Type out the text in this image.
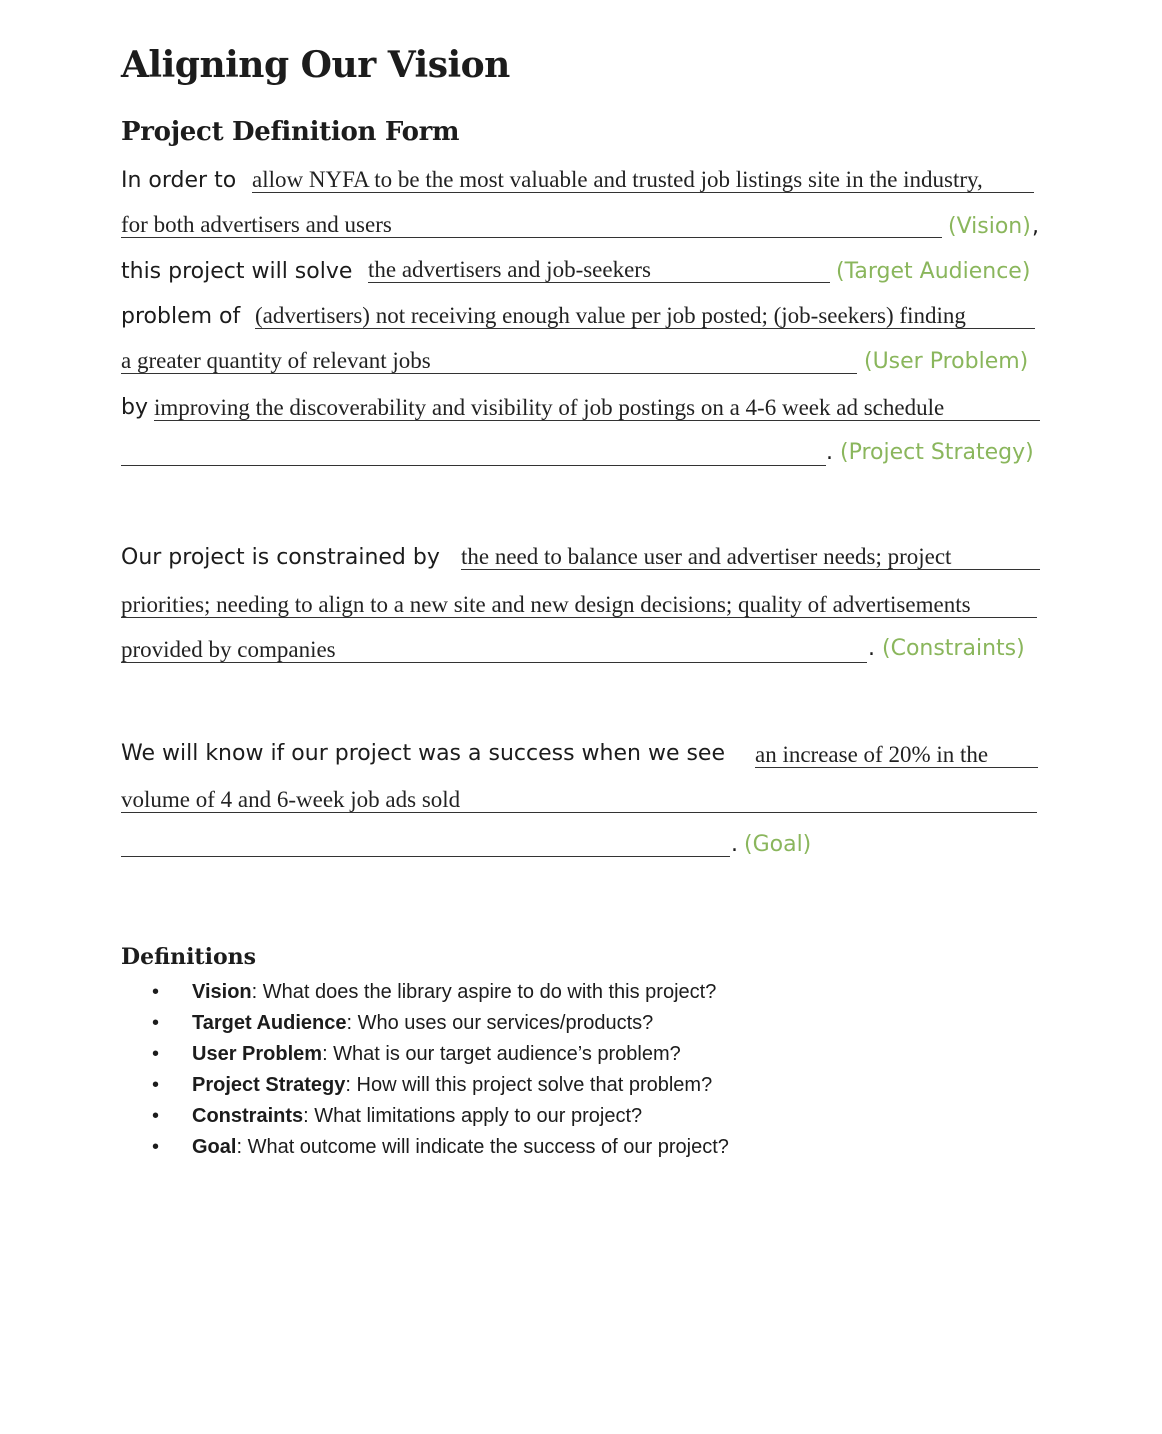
Aligning Our Vision
Project Definition Form
In order to allow NYFA to be the most valuable and trusted job listings site in the industry,
for both advertisers and users	(Vision) ,
this project will solve the advertisers and job-seekers	(Target Audience)
problem of (advertisers) not receiving enough value per job posted; (job-seekers) finding
a greater quantity of relevant jobs	(User Problem)
by improving the discoverability and visibility of job postings on a 4-6 week ad schedule
. (Project Strategy)
Our project is constrained by the need to balance user and advertiser needs; project
priorities; needing to align to a new site and new design decisions; quality of advertisements
provided by companies	. (Constraints)
We will know if our project was a success when we see an increase of 20% in the
volume of 4 and 6-week job ads sold
. (Goal)
Definitions
• Vision: What does the library aspire to do with this project?
• Target Audience: Who uses our services/products?
• User Problem: What is our target audience’s problem?
• Project Strategy: How will this project solve that problem?
• Constraints: What limitations apply to our project?
• Goal: What outcome will indicate the success of our project?
